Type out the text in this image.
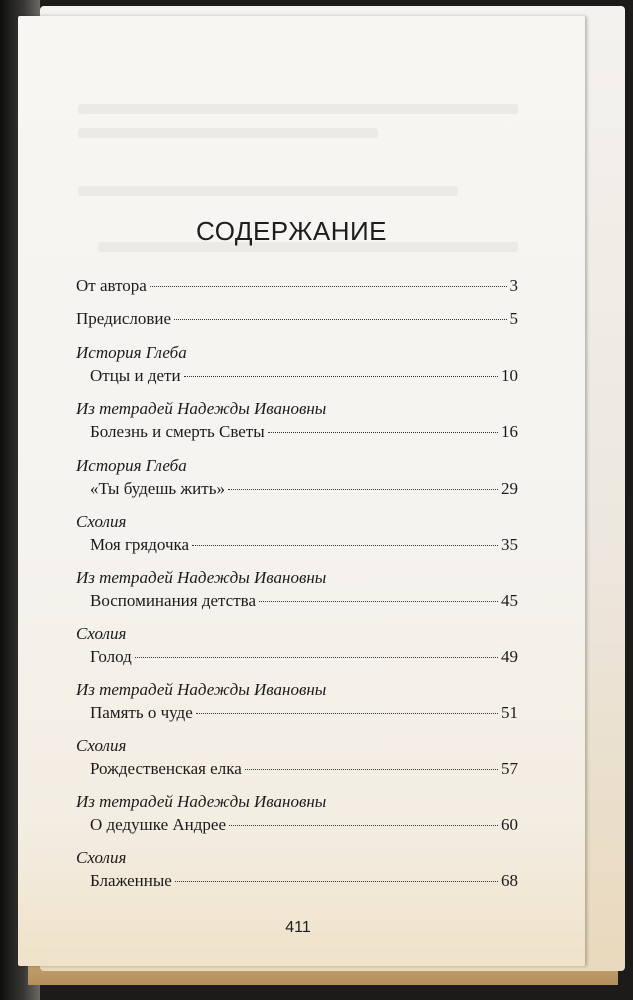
СОДЕРЖАНИЕ
От автора	3
Предисловие	5
История Глеба
Отцы и дети	10
Из тетрадей Надежды Ивановны
Болезнь и смерть Светы	16
История Глеба
«Ты будешь жить»	29
Схолия
Моя грядочка	35
Из тетрадей Надежды Ивановны
Воспоминания детства	45
Схолия
Голод	49
Из тетрадей Надежды Ивановны
Память о чуде	51
Схолия
Рождественская елка	57
Из тетрадей Надежды Ивановны
О дедушке Андрее	60
Схолия
Блаженные	68
411
